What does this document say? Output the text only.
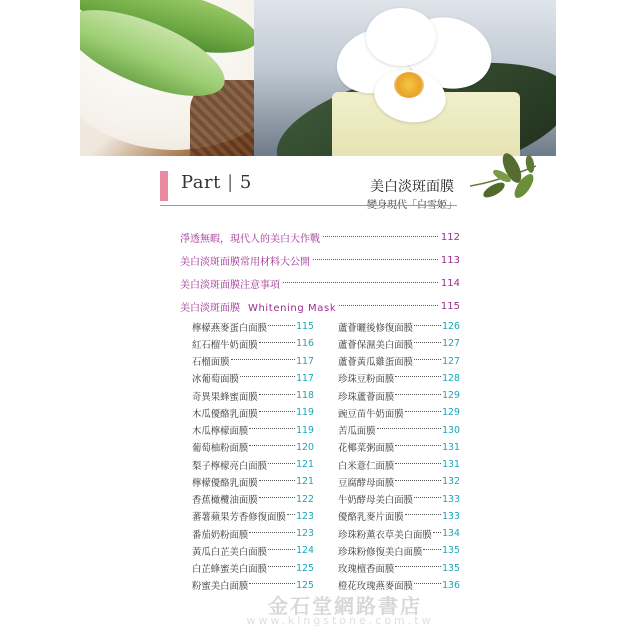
Part | 5	美白淡斑面膜
淨透無暇，現代人的美白大作戰	112
美白淡斑面膜常用材料大公開	113
美白淡斑面膜注意事項	114
美白淡斑面膜 Whitening Mask	115
檸檬燕麥蛋白面膜	115
紅石榴牛奶面膜	116
石榴面膜	117
冰葡萄面膜	117
奇異果蜂蜜面膜	118
木瓜優酪乳面膜	119
木瓜檸檬面膜	119
葡萄柚粉面膜	120
梨子檸檬亮白面膜	121
檸檬優酪乳面膜	121
香蕉橄欖油面膜	122
蕃薯蘋果芳香修復面膜 123
番茄奶粉面膜	123
黃瓜白芷美白面膜	124
白芷蜂蜜美白面膜	125
粉蜜美白面膜	125
蘆薈曬後修復面膜	126
蘆薈保濕美白面膜	127
蘆薈黃瓜雞蛋面膜	127
珍珠豆粉面膜	128
珍珠蘆薈面膜	129
豌豆苗牛奶面膜	129
苦瓜面膜	130
花椰菜粥面膜	131
白米薏仁面膜	131
豆腐酵母面膜	132
牛奶酵母美白面膜	133
優酪乳麥片面膜	133
珍珠粉薰衣草美白面膜 134
珍珠粉修復美白面膜 135
玫瑰檀香面膜	135
橙花玫瑰燕麥面膜	136
金石堂網路書店
www.kingstone.com.tw
